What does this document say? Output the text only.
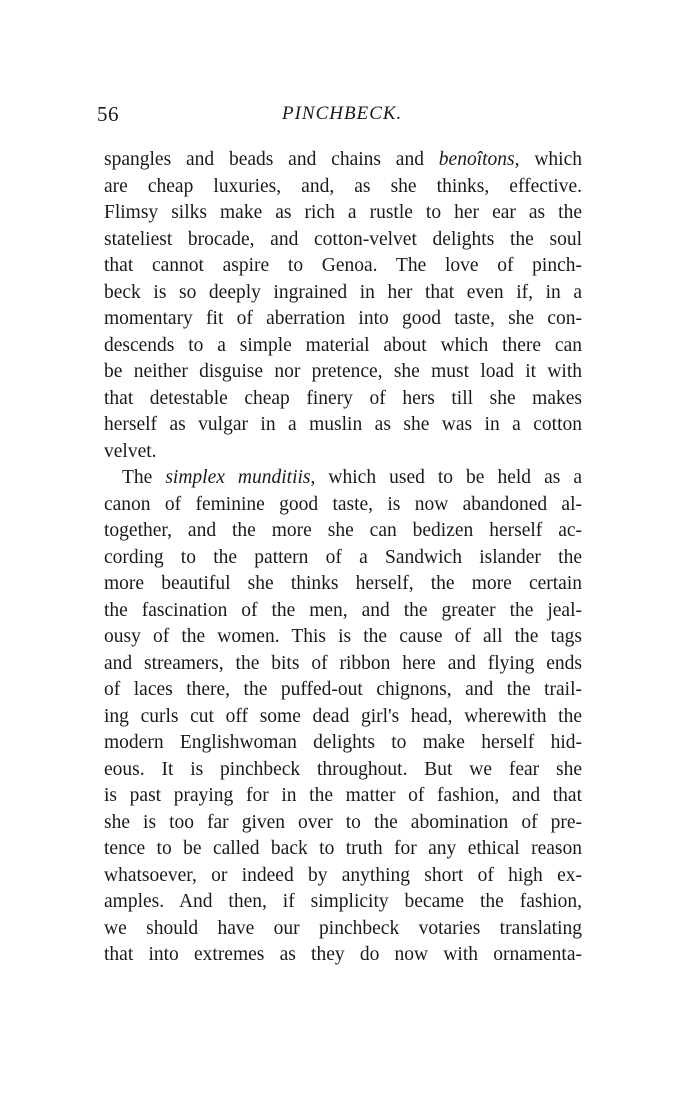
56	PINCHBECK.
spangles and beads and chains and benoîtons, which
are cheap luxuries, and, as she thinks, effective.
Flimsy silks make as rich a rustle to her ear as the
stateliest brocade, and cotton-velvet delights the soul
that cannot aspire to Genoa. The love of pinch-
beck is so deeply ingrained in her that even if, in a
momentary fit of aberration into good taste, she con-
descends to a simple material about which there can
be neither disguise nor pretence, she must load it with
that detestable cheap finery of hers till she makes
herself as vulgar in a muslin as she was in a cotton
velvet.
The simplex munditiis, which used to be held as a
canon of feminine good taste, is now abandoned al-
together, and the more she can bedizen herself ac-
cording to the pattern of a Sandwich islander the
more beautiful she thinks herself, the more certain
the fascination of the men, and the greater the jeal-
ousy of the women. This is the cause of all the tags
and streamers, the bits of ribbon here and flying ends
of laces there, the puffed-out chignons, and the trail-
ing curls cut off some dead girl's head, wherewith the
modern Englishwoman delights to make herself hid-
eous. It is pinchbeck throughout. But we fear she
is past praying for in the matter of fashion, and that
she is too far given over to the abomination of pre-
tence to be called back to truth for any ethical reason
whatsoever, or indeed by anything short of high ex-
amples. And then, if simplicity became the fashion,
we should have our pinchbeck votaries translating
that into extremes as they do now with ornamenta-
